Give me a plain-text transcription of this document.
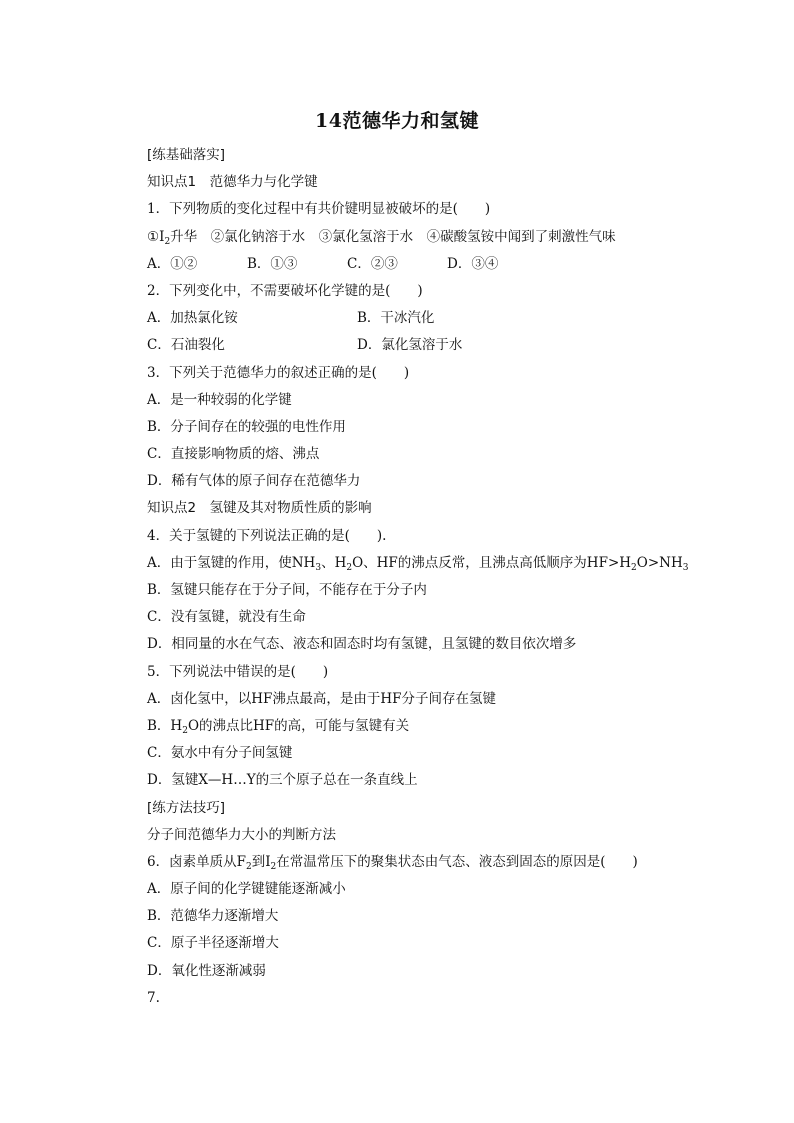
14范德华力和氢键
[练基础落实]
知识点1　范德华力与化学键
1．下列物质的变化过程中有共价键明显被破坏的是(　　)
$①I_2$升华　②氯化钠溶于水　③氯化氢溶于水　④碳酸氢铵中闻到了刺激性气味
A．①②	B．①③	C．②③	D．③④
2．下列变化中，不需要破坏化学键的是(　　)
A．加热氯化铵	B．干冰汽化
C．石油裂化	D．氯化氢溶于水
3．下列关于范德华力的叙述正确的是(　　)
A．是一种较弱的化学键
B．分子间存在的较强的电性作用
C．直接影响物质的熔、沸点
D．稀有气体的原子间存在范德华力
知识点2　氢键及其对物质性质的影响
4．关于氢键的下列说法正确的是(　　).
A．由于氢键的作用，使$NH_3$、$H_2O$、HF的沸点反常，且沸点高低顺序为$HF>H_2O>NH_3$
B．氢键只能存在于分子间，不能存在于分子内
C．没有氢键，就没有生命
D．相同量的水在气态、液态和固态时均有氢键，且氢键的数目依次增多
5．下列说法中错误的是(　　)
A．卤化氢中，以HF沸点最高，是由于HF分子间存在氢键
B．$H_2O$的沸点比HF的高，可能与氢键有关
C．氨水中有分子间氢键
D．氢键X—H…Y的三个原子总在一条直线上
[练方法技巧]
分子间范德华力大小的判断方法
6．卤素单质从$F_2$到$I_2$在常温常压下的聚集状态由气态、液态到固态的原因是(　　)
A．原子间的化学键键能逐渐减小
B．范德华力逐渐增大
C．原子半径逐渐增大
D．氧化性逐渐减弱
7.
